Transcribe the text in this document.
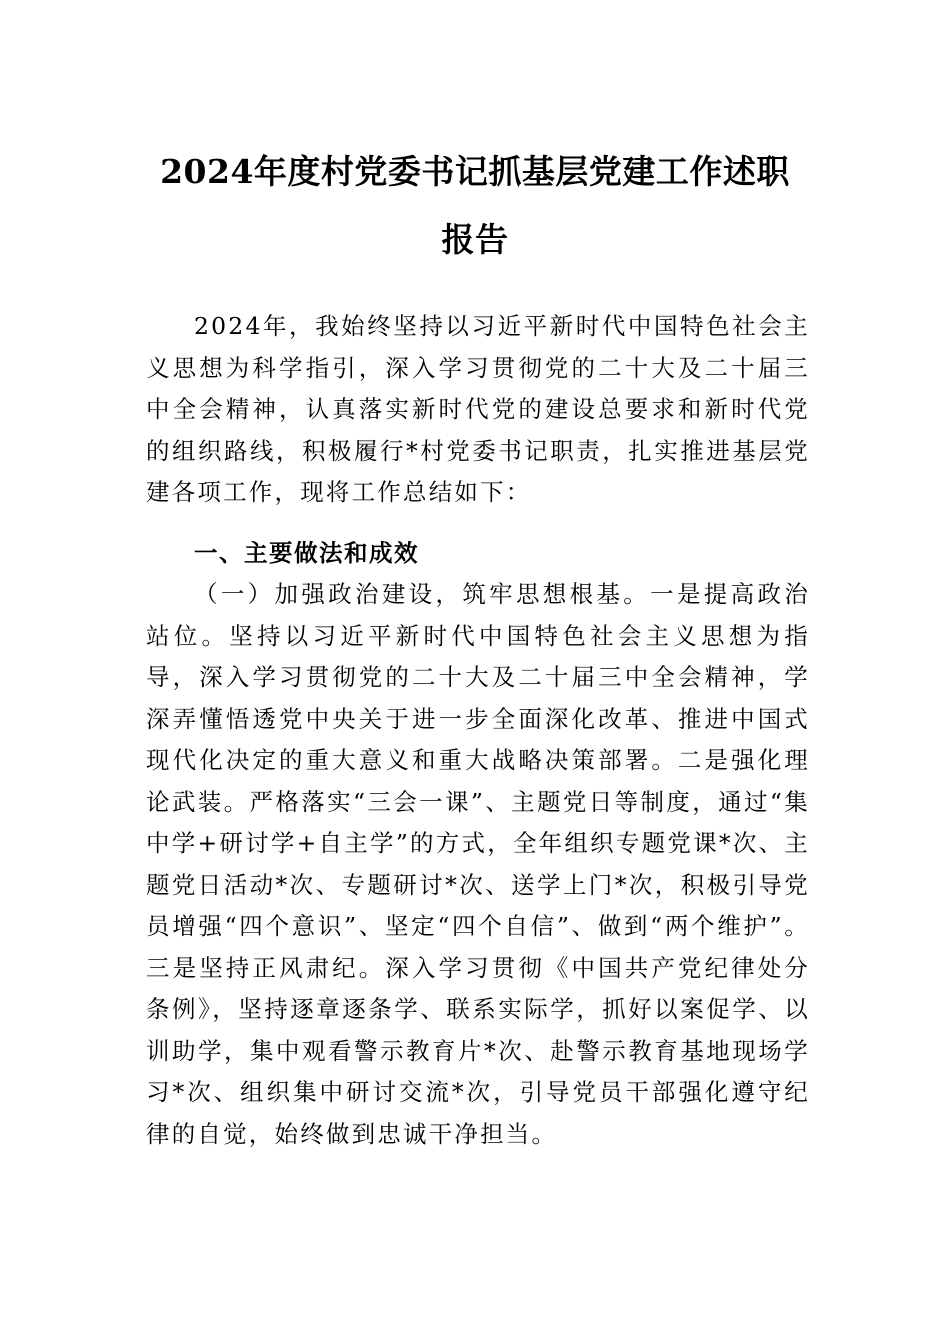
2024年度村党委书记抓基层党建工作述职
报告

2024年，我始终坚持以习近平新时代中国特色社会主义思想为科学指引，深入学习贯彻党的二十大及二十届三中全会精神，认真落实新时代党的建设总要求和新时代党的组织路线，积极履行*村党委书记职责，扎实推进基层党建各项工作，现将工作总结如下：

一、主要做法和成效

（一）加强政治建设，筑牢思想根基。一是提高政治站位。坚持以习近平新时代中国特色社会主义思想为指导，深入学习贯彻党的二十大及二十届三中全会精神，学深弄懂悟透党中央关于进一步全面深化改革、推进中国式现代化决定的重大意义和重大战略决策部署。二是强化理论武装。严格落实“三会一课”、主题党日等制度，通过“集中学+研讨学+自主学”的方式，全年组织专题党课*次、主题党日活动*次、专题研讨*次、送学上门*次，积极引导党员增强“四个意识”、坚定“四个自信”、做到“两个维护”。三是坚持正风肃纪。深入学习贯彻《中国共产党纪律处分条例》，坚持逐章逐条学、联系实际学，抓好以案促学、以训助学，集中观看警示教育片*次、赴警示教育基地现场学习*次、组织集中研讨交流*次，引导党员干部强化遵守纪律的自觉，始终做到忠诚干净担当。
